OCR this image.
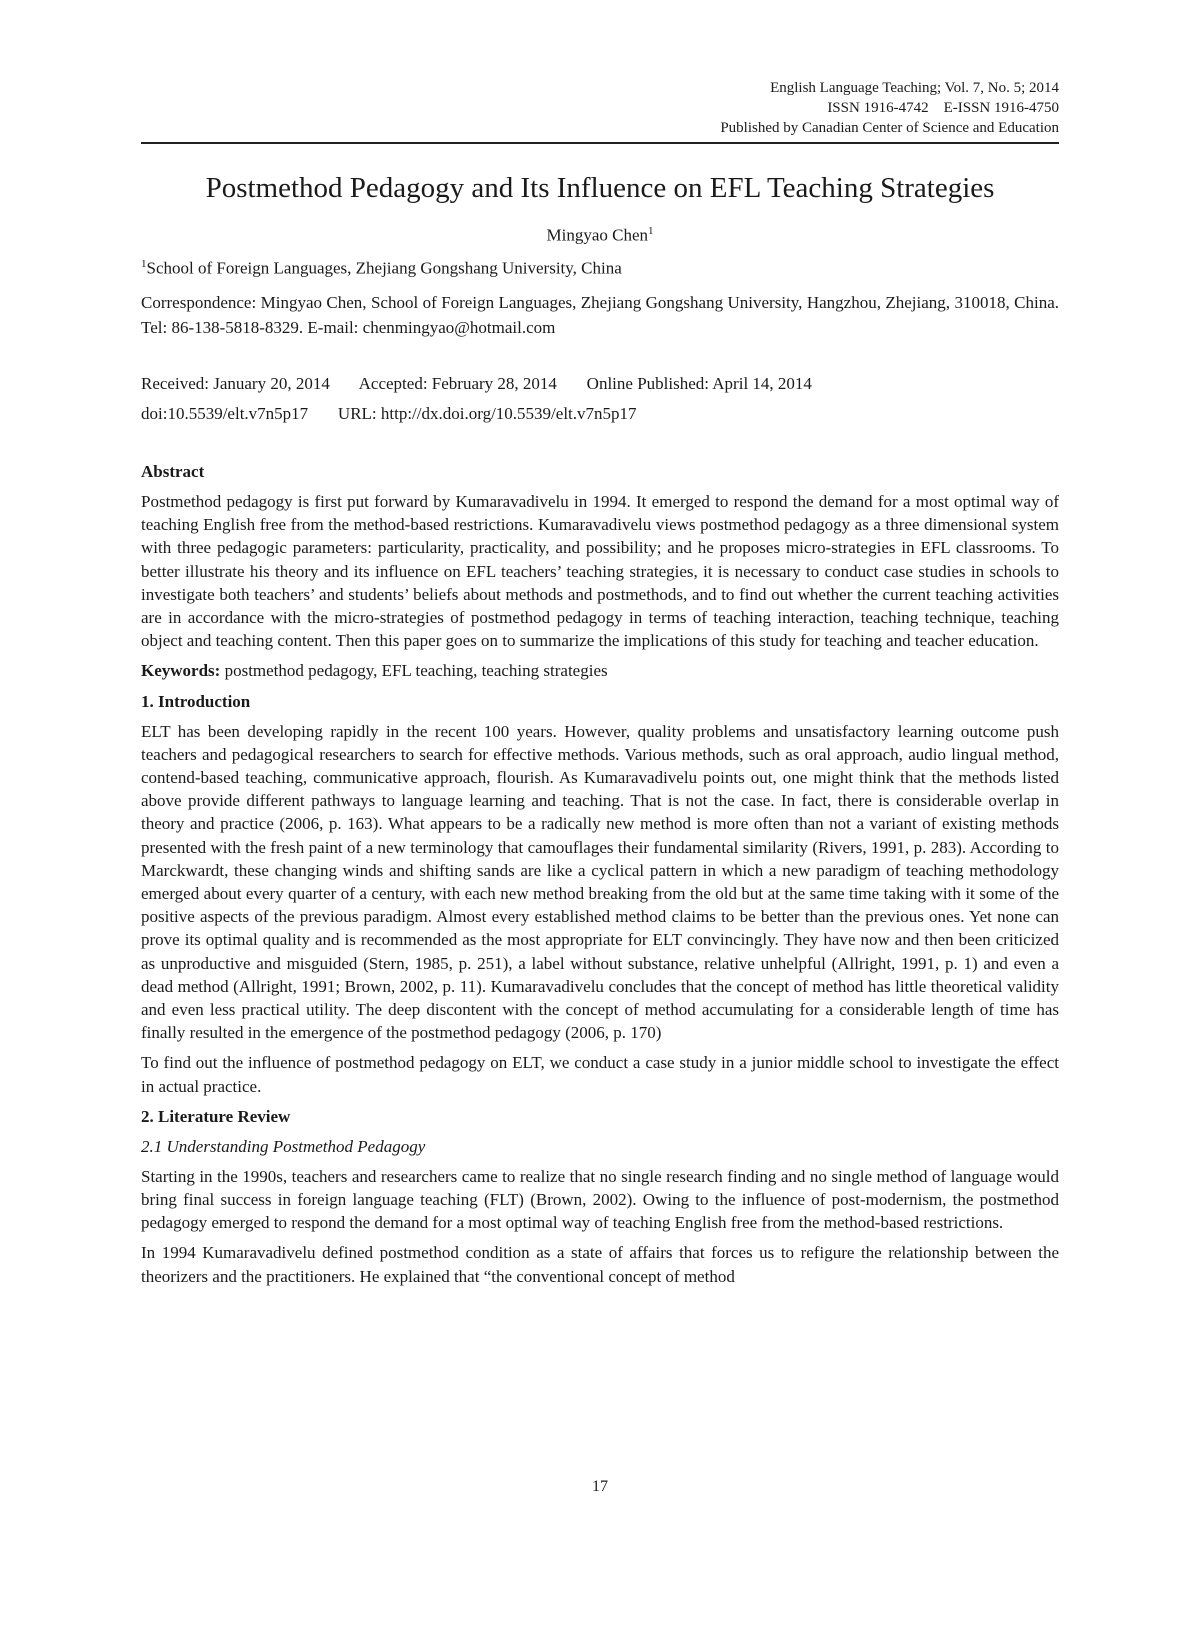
English Language Teaching; Vol. 7, No. 5; 2014
ISSN 1916-4742    E-ISSN 1916-4750
Published by Canadian Center of Science and Education
Postmethod Pedagogy and Its Influence on EFL Teaching Strategies
Mingyao Chen$^1$
$^1$School of Foreign Languages, Zhejiang Gongshang University, China
Correspondence: Mingyao Chen, School of Foreign Languages, Zhejiang Gongshang University, Hangzhou, Zhejiang, 310018, China. Tel: 86-138-5818-8329. E-mail: chenmingyao@hotmail.com
Received: January 20, 2014       Accepted: February 28, 2014       Online Published: April 14, 2014
doi:10.5539/elt.v7n5p17       URL: http://dx.doi.org/10.5539/elt.v7n5p17
Abstract

Postmethod pedagogy is first put forward by Kumaravadivelu in 1994. It emerged to respond the demand for a most optimal way of teaching English free from the method-based restrictions. Kumaravadivelu views postmethod pedagogy as a three dimensional system with three pedagogic parameters: particularity, practicality, and possibility; and he proposes micro-strategies in EFL classrooms. To better illustrate his theory and its influence on EFL teachers’ teaching strategies, it is necessary to conduct case studies in schools to investigate both teachers’ and students’ beliefs about methods and postmethods, and to find out whether the current teaching activities are in accordance with the micro-strategies of postmethod pedagogy in terms of teaching interaction, teaching technique, teaching object and teaching content. Then this paper goes on to summarize the implications of this study for teaching and teacher education.

Keywords: postmethod pedagogy, EFL teaching, teaching strategies

1. Introduction

ELT has been developing rapidly in the recent 100 years. However, quality problems and unsatisfactory learning outcome push teachers and pedagogical researchers to search for effective methods. Various methods, such as oral approach, audio lingual method, contend-based teaching, communicative approach, flourish. As Kumaravadivelu points out, one might think that the methods listed above provide different pathways to language learning and teaching. That is not the case. In fact, there is considerable overlap in theory and practice (2006, p. 163). What appears to be a radically new method is more often than not a variant of existing methods presented with the fresh paint of a new terminology that camouflages their fundamental similarity (Rivers, 1991, p. 283). According to Marckwardt, these changing winds and shifting sands are like a cyclical pattern in which a new paradigm of teaching methodology emerged about every quarter of a century, with each new method breaking from the old but at the same time taking with it some of the positive aspects of the previous paradigm. Almost every established method claims to be better than the previous ones. Yet none can prove its optimal quality and is recommended as the most appropriate for ELT convincingly. They have now and then been criticized as unproductive and misguided (Stern, 1985, p. 251), a label without substance, relative unhelpful (Allright, 1991, p. 1) and even a dead method (Allright, 1991; Brown, 2002, p. 11). Kumaravadivelu concludes that the concept of method has little theoretical validity and even less practical utility. The deep discontent with the concept of method accumulating for a considerable length of time has finally resulted in the emergence of the postmethod pedagogy (2006, p. 170)

To find out the influence of postmethod pedagogy on ELT, we conduct a case study in a junior middle school to investigate the effect in actual practice.

2. Literature Review
2.1 Understanding Postmethod Pedagogy

Starting in the 1990s, teachers and researchers came to realize that no single research finding and no single method of language would bring final success in foreign language teaching (FLT) (Brown, 2002). Owing to the influence of post-modernism, the postmethod pedagogy emerged to respond the demand for a most optimal way of teaching English free from the method-based restrictions.

In 1994 Kumaravadivelu defined postmethod condition as a state of affairs that forces us to refigure the relationship between the theorizers and the practitioners. He explained that “the conventional concept of method

17
